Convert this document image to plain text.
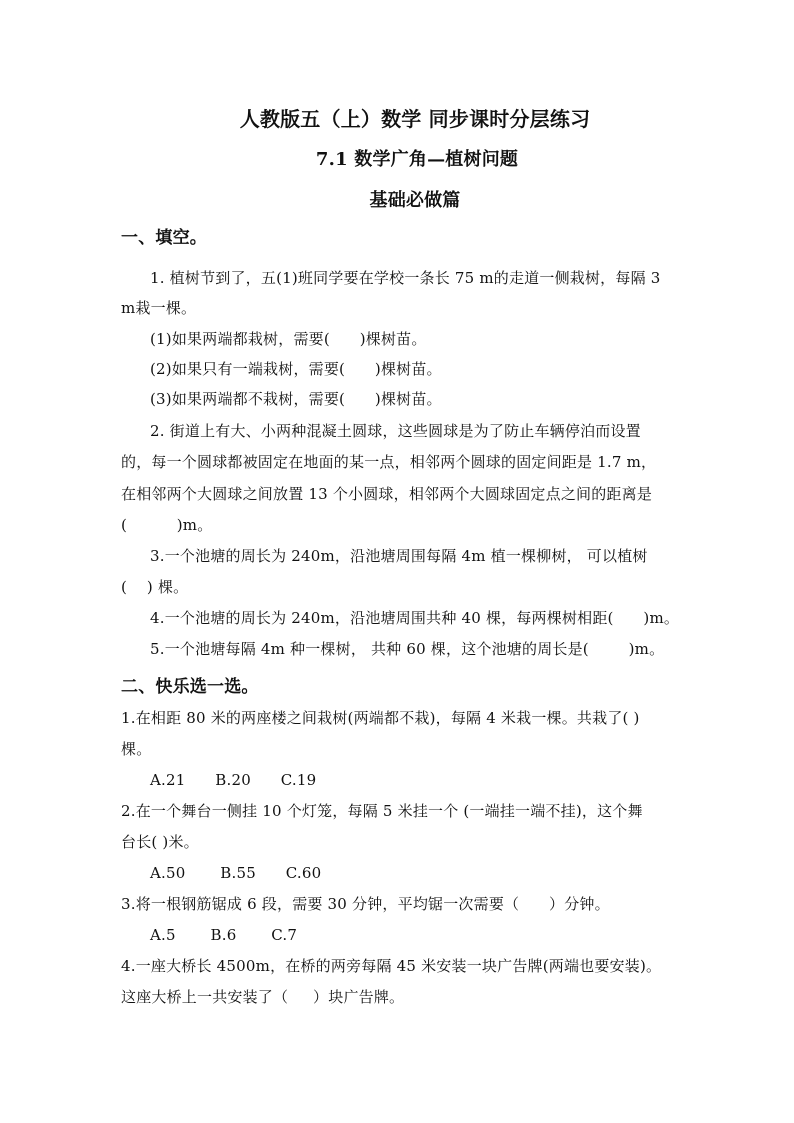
人教版五（上）数学 同步课时分层练习
7.1 数学广角—植树问题
基础必做篇
一、填空。
1. 植树节到了，五(1)班同学要在学校一条长 75 m的走道一侧栽树，每隔 3
m栽一棵。
(1)如果两端都栽树，需要(      )棵树苗。
(2)如果只有一端栽树，需要(      )棵树苗。
(3)如果两端都不栽树，需要(      )棵树苗。
2. 街道上有大、小两种混凝土圆球，这些圆球是为了防止车辆停泊而设置
的，每一个圆球都被固定在地面的某一点，相邻两个圆球的固定间距是 1.7 m，
在相邻两个大圆球之间放置 13 个小圆球，相邻两个大圆球固定点之间的距离是
(          )m。
3.一个池塘的周长为 240m，沿池塘周围每隔 4m 植一棵柳树， 可以植树
(    ) 棵。
4.一个池塘的周长为 240m，沿池塘周围共种 40 棵，每两棵树相距(      )m。
5.一个池塘每隔 4m 种一棵树， 共种 60 棵，这个池塘的周长是(        )m。
二、快乐选一选。
1.在相距 80 米的两座楼之间栽树(两端都不栽)，每隔 4 米栽一棵。共栽了( )
棵。
A.21      B.20      C.19
2.在一个舞台一侧挂 10 个灯笼，每隔 5 米挂一个 (一端挂一端不挂)，这个舞
台长( )米。
A.50       B.55      C.60
3.将一根钢筋锯成 6 段，需要 30 分钟，平均锯一次需要（      ）分钟。
A.5       B.6       C.7
4.一座大桥长 4500m，在桥的两旁每隔 45 米安装一块广告牌(两端也要安装)。
这座大桥上一共安装了（     ）块广告牌。
